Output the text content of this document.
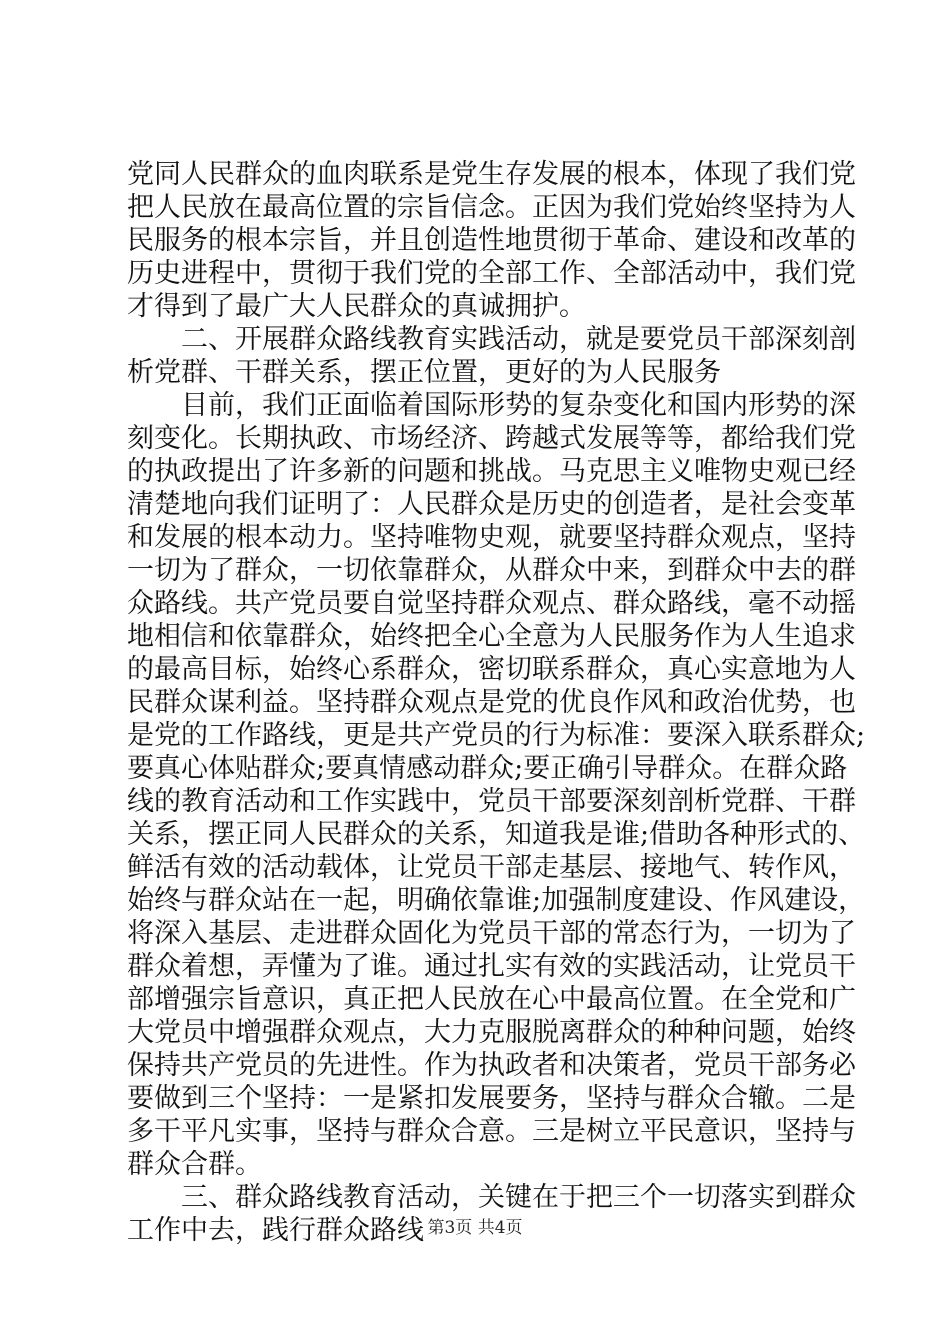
党同人民群众的血肉联系是党生存发展的根本，体现了我们党
把人民放在最高位置的宗旨信念。正因为我们党始终坚持为人
民服务的根本宗旨，并且创造性地贯彻于革命、建设和改革的
历史进程中，贯彻于我们党的全部工作、全部活动中，我们党
才得到了最广大人民群众的真诚拥护。
　　二、开展群众路线教育实践活动，就是要党员干部深刻剖
析党群、干群关系，摆正位置，更好的为人民服务
　　目前，我们正面临着国际形势的复杂变化和国内形势的深
刻变化。长期执政、市场经济、跨越式发展等等，都给我们党
的执政提出了许多新的问题和挑战。马克思主义唯物史观已经
清楚地向我们证明了：人民群众是历史的创造者，是社会变革
和发展的根本动力。坚持唯物史观，就要坚持群众观点，坚持
一切为了群众，一切依靠群众，从群众中来，到群众中去的群
众路线。共产党员要自觉坚持群众观点、群众路线，毫不动摇
地相信和依靠群众，始终把全心全意为人民服务作为人生追求
的最高目标，始终心系群众，密切联系群众，真心实意地为人
民群众谋利益。坚持群众观点是党的优良作风和政治优势，也
是党的工作路线，更是共产党员的行为标准：要深入联系群众;
要真心体贴群众;要真情感动群众;要正确引导群众。在群众路
线的教育活动和工作实践中，党员干部要深刻剖析党群、干群
关系，摆正同人民群众的关系，知道我是谁;借助各种形式的、
鲜活有效的活动载体，让党员干部走基层、接地气、转作风，
始终与群众站在一起，明确依靠谁;加强制度建设、作风建设，
将深入基层、走进群众固化为党员干部的常态行为，一切为了
群众着想，弄懂为了谁。通过扎实有效的实践活动，让党员干
部增强宗旨意识，真正把人民放在心中最高位置。在全党和广
大党员中增强群众观点，大力克服脱离群众的种种问题，始终
保持共产党员的先进性。作为执政者和决策者，党员干部务必
要做到三个坚持：一是紧扣发展要务，坚持与群众合辙。二是
多干平凡实事，坚持与群众合意。三是树立平民意识，坚持与
群众合群。
　　三、群众路线教育活动，关键在于把三个一切落实到群众
工作中去，践行群众路线 第3页 共4页
